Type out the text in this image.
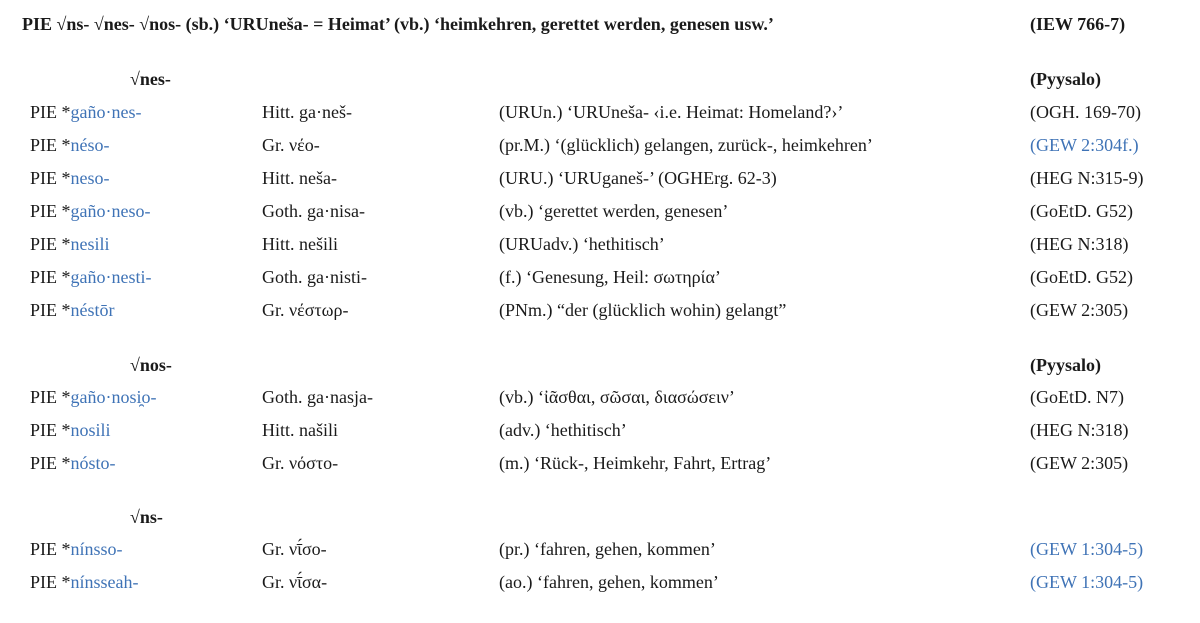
PIE √ns- √nes- √nos- (sb.) ‘URUneša- = Heimat’ (vb.) ‘heimkehren, gerettet werden, genesen usw.’	(IEW 766-7)
√nes-	(Pyysalo)
PIE *gaño·nes-	Hitt. ga·neš-	(URUn.) ‘URUneša- ‹i.e. Heimat: Homeland?›’	(OGH. 169-70)
PIE *néso-	Gr. νέο-	(pr.M.) ‘(glücklich) gelangen, zurück-, heimkehren’	(GEW 2:304f.)
PIE *neso-	Hitt. neša-	(URU.) ‘URUganeš-’ (OGHErg. 62-3)	(HEG N:315-9)
PIE *gaño·neso-	Goth. ga·nisa-	(vb.) ‘gerettet werden, genesen’	(GoEtD. G52)
PIE *nesili	Hitt. nešili	(URUadv.) ‘hethitisch’	(HEG N:318)
PIE *gaño·nesti-	Goth. ga·nisti-	(f.) ‘Genesung, Heil: σωτηρία’	(GoEtD. G52)
PIE *néstōr	Gr. νέστωρ-	(PNm.) “der (glücklich wohin) gelangt”	(GEW 2:305)
√nos-	(Pyysalo)
PIE *gaño·nosi̯o-	Goth. ga·nasja-	(vb.) ‘ἰᾶσθαι, σῶσαι, διασώσειν’	(GoEtD. N7)
PIE *nosili	Hitt. našili	(adv.) ‘hethitisch’	(HEG N:318)
PIE *nósto-	Gr. νόστο-	(m.) ‘Rück-, Heimkehr, Fahrt, Ertrag’	(GEW 2:305)
√ns-
PIE *nínsso-	Gr. νῑ́σο-	(pr.) ‘fahren, gehen, kommen’	(GEW 1:304-5)
PIE *nínsseah-	Gr. νῑ́σα-	(ao.) ‘fahren, gehen, kommen’	(GEW 1:304-5)
